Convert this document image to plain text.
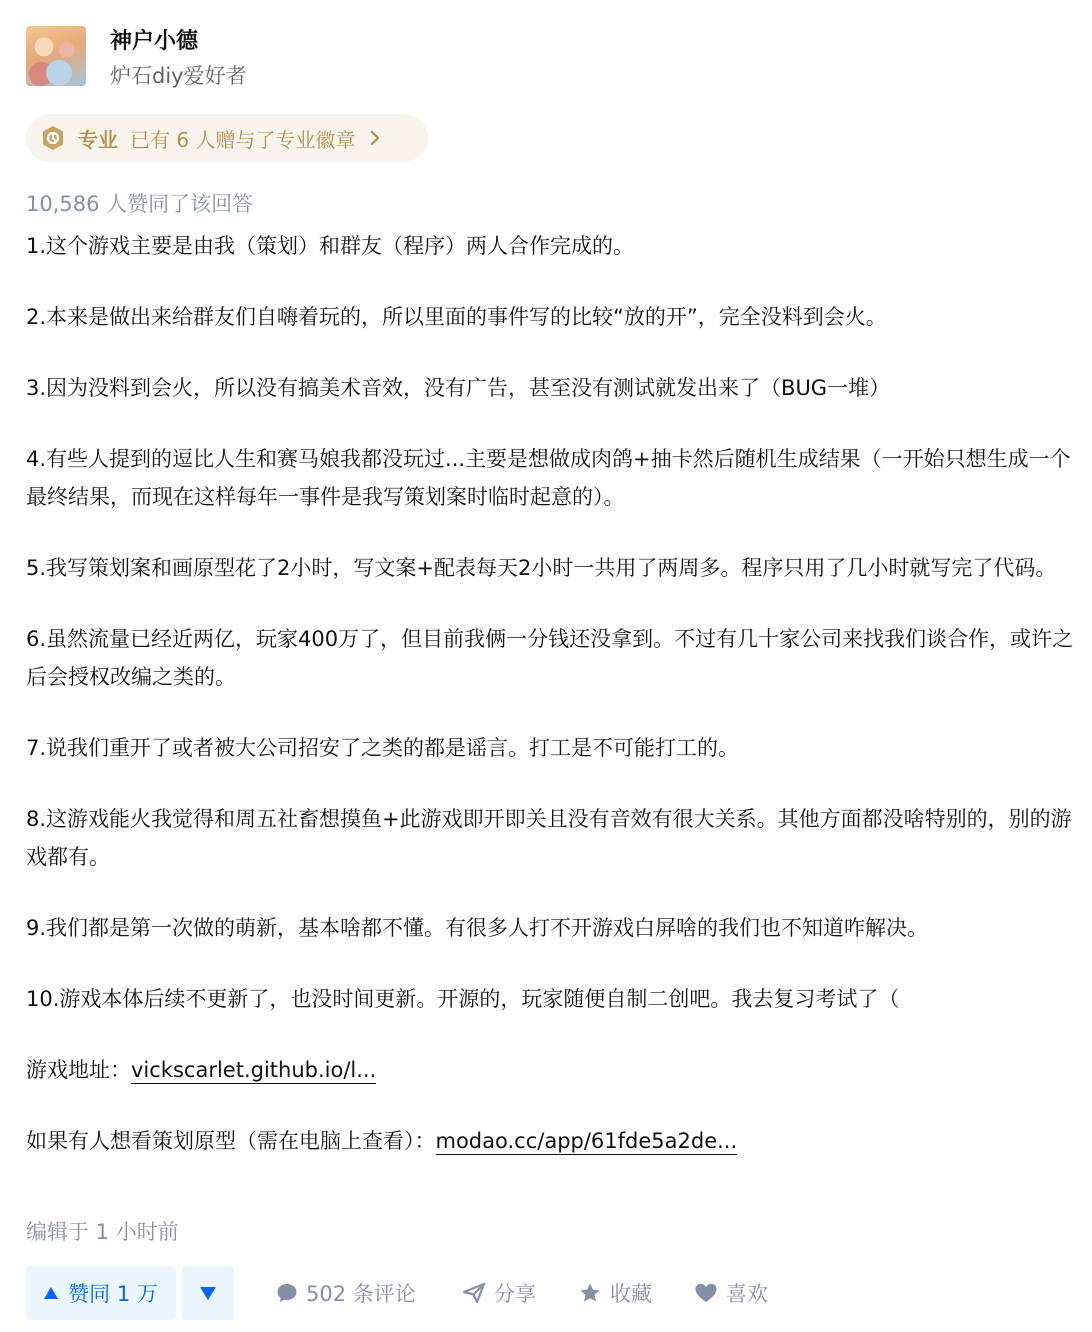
神户小德
炉石diy爱好者
专业 已有 6 人赠与了专业徽章
10,586 人赞同了该回答

1.这个游戏主要是由我（策划）和群友（程序）两人合作完成的。

2.本来是做出来给群友们自嗨着玩的，所以里面的事件写的比较“放的开”，完全没料到会火。

3.因为没料到会火，所以没有搞美术音效，没有广告，甚至没有测试就发出来了（BUG一堆）

4.有些人提到的逗比人生和赛马娘我都没玩过...主要是想做成肉鸽+抽卡然后随机生成结果（一开始只想生成一个最终结果，而现在这样每年一事件是我写策划案时临时起意的）。

5.我写策划案和画原型花了2小时，写文案+配表每天2小时一共用了两周多。程序只用了几小时就写完了代码。

6.虽然流量已经近两亿，玩家400万了，但目前我俩一分钱还没拿到。不过有几十家公司来找我们谈合作，或许之后会授权改编之类的。

7.说我们重开了或者被大公司招安了之类的都是谣言。打工是不可能打工的。

8.这游戏能火我觉得和周五社畜想摸鱼+此游戏即开即关且没有音效有很大关系。其他方面都没啥特别的，别的游戏都有。

9.我们都是第一次做的萌新，基本啥都不懂。有很多人打不开游戏白屏啥的我们也不知道咋解决。

10.游戏本体后续不更新了，也没时间更新。开源的，玩家随便自制二创吧。我去复习考试了（

游戏地址：vickscarlet.github.io/l...

如果有人想看策划原型（需在电脑上查看）：modao.cc/app/61fde5a2de...

编辑于 1 小时前
赞同 1 万	502 条评论	分享	收藏	喜欢
